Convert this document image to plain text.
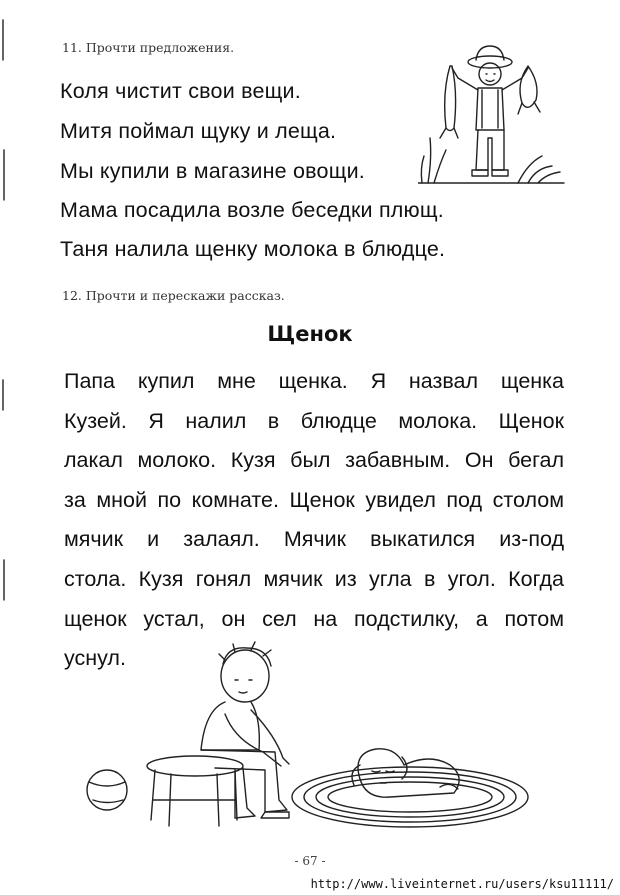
11. Прочти предложения.
Коля чистит свои вещи.
Митя поймал щуку и леща.
Мы купили в магазине овощи.
Мама посадила возле беседки плющ.
Таня налила щенку молока в блюдце.
12. Прочти и перескажи рассказ.
Щенок
Папа купил мне щенка. Я назвал щенка
Кузей. Я налил в блюдце молока. Щенок
лакал молоко. Кузя был забавным. Он бегал
за мной по комнате. Щенок увидел под столом
мячик и залаял. Мячик выкатился из-под
стола. Кузя гонял мячик из угла в угол. Когда
щенок устал, он сел на подстилку, а потом
уснул.
- 67 -
http://www.liveinternet.ru/users/ksu11111/
